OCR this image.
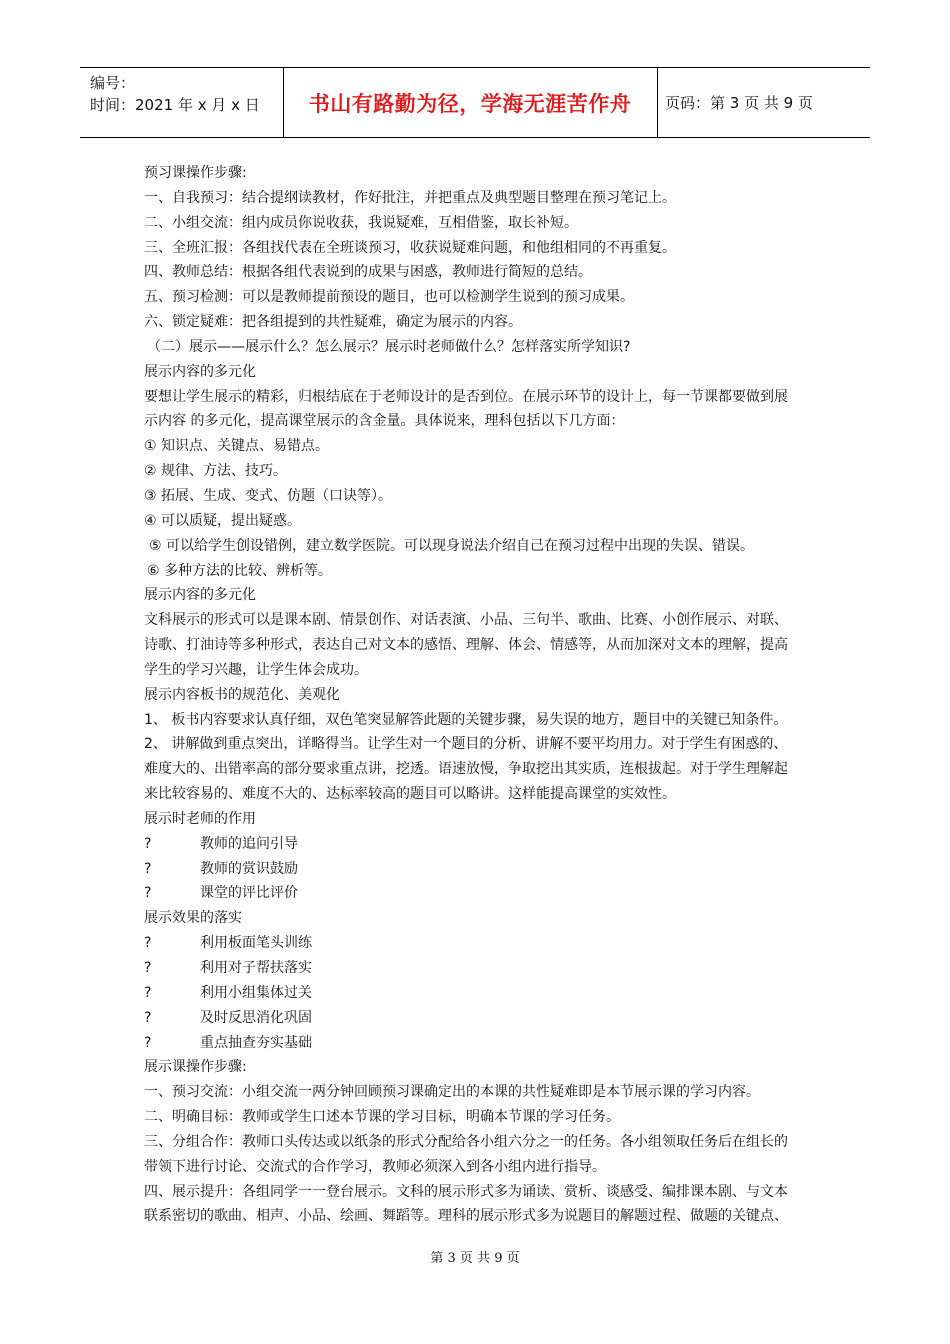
编号：
时间：2021 年 x 月 x 日	书山有路勤为径，学海无涯苦作舟	页码：第 3 页 共 9 页
预习课操作步骤:
一、自我预习：结合提纲读教材，作好批注，并把重点及典型题目整理在预习笔记上。
二、小组交流：组内成员你说收获，我说疑难，互相借鉴，取长补短。
三、全班汇报：各组找代表在全班谈预习，收获说疑难问题，和他组相同的不再重复。
四、教师总结：根据各组代表说到的成果与困惑，教师进行简短的总结。
五、预习检测：可以是教师提前预设的题目，也可以检测学生说到的预习成果。
六、锁定疑难：把各组提到的共性疑难，确定为展示的内容。
（二）展示——展示什么？怎么展示？展示时老师做什么？怎样落实所学知识?
展示内容的多元化
要想让学生展示的精彩，归根结底在于老师设计的是否到位。在展示环节的设计上，每一节课都要做到展
示内容 的多元化，提高课堂展示的含金量。具体说来，理科包括以下几方面：
① 知识点、关键点、易错点。
② 规律、方法、技巧。
③ 拓展、生成、变式、仿题（口诀等）。
④ 可以质疑，提出疑惑。
⑤ 可以给学生创设错例，建立数学医院。可以现身说法介绍自己在预习过程中出现的失误、错误。
⑥ 多种方法的比较、辨析等。
展示内容的多元化
文科展示的形式可以是课本剧、情景创作、对话表演、小品、三句半、歌曲、比赛、小创作展示、对联、
诗歌、打油诗等多种形式，表达自己对文本的感悟、理解、体会、情感等，从而加深对文本的理解，提高
学生的学习兴趣，让学生体会成功。
展示内容板书的规范化、美观化
1、 板书内容要求认真仔细，双色笔突显解答此题的关键步骤，易失误的地方，题目中的关键已知条件。
2、 讲解做到重点突出，详略得当。让学生对一个题目的分析、讲解不要平均用力。对于学生有困惑的、
难度大的、出错率高的部分要求重点讲，挖透。语速放慢，争取挖出其实质，连根拔起。对于学生理解起
来比较容易的、难度不大的、达标率较高的题目可以略讲。这样能提高课堂的实效性。
展示时老师的作用
?	教师的追问引导
?	教师的赏识鼓励
?	课堂的评比评价
展示效果的落实
?	利用板面笔头训练
?	利用对子帮扶落实
?	利用小组集体过关
?	及时反思消化巩固
?	重点抽查夯实基础
展示课操作步骤:
一、预习交流：小组交流一两分钟回顾预习课确定出的本课的共性疑难即是本节展示课的学习内容。
二、明确目标：教师或学生口述本节课的学习目标，明确本节课的学习任务。
三、分组合作：教师口头传达或以纸条的形式分配给各小组六分之一的任务。各小组领取任务后在组长的
带领下进行讨论、交流式的合作学习，教师必须深入到各小组内进行指导。
四、展示提升：各组同学一一登台展示。文科的展示形式多为诵读、赏析、谈感受、编排课本剧、与文本
联系密切的歌曲、相声、小品、绘画、舞蹈等。理科的展示形式多为说题目的解题过程、做题的关键点、
第 3 页 共 9 页
